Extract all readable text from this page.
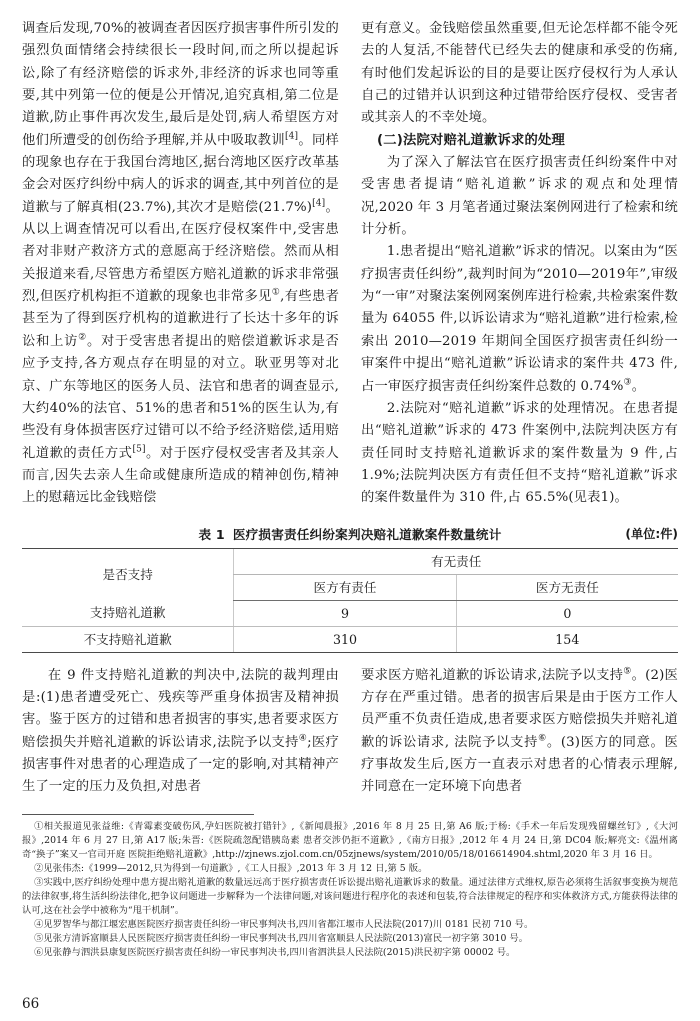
调查后发现,70%的被调查者因医疗损害事件所引发的强烈负面情绪会持续很长一段时间,而之所以提起诉讼,除了有经济赔偿的诉求外,非经济的诉求也同等重要,其中列第一位的便是公开情况,追究真相,第二位是道歉,防止事件再次发生,最后是处罚,病人希望医方对他们所遭受的创伤给予理解,并从中吸取教训[4]。同样的现象也存在于我国台湾地区,据台湾地区医疗改革基金会对医疗纠纷中病人的诉求的调查,其中列首位的是道歉与了解真相(23.7%),其次才是赔偿(21.7%)[4]。从以上调查情况可以看出,在医疗侵权案件中,受害患者对非财产救济方式的意愿高于经济赔偿。然而从相关报道来看,尽管患方希望医方赔礼道歉的诉求非常强烈,但医疗机构拒不道歉的现象也非常多见①,有些患者甚至为了得到医疗机构的道歉进行了长达十多年的诉讼和上访②。对于受害患者提出的赔偿道歉诉求是否应予支持,各方观点存在明显的对立。耿亚男等对北京、广东等地区的医务人员、法官和患者的调查显示,大约40%的法官、51%的患者和51%的医生认为,有些没有身体损害医疗过错可以不给予经济赔偿,适用赔礼道歉的责任方式[5]。对于医疗侵权受害者及其亲人而言,因失去亲人生命或健康所造成的精神创伤,精神上的慰藉远比金钱赔偿

更有意义。金钱赔偿虽然重要,但无论怎样都不能令死去的人复活,不能替代已经失去的健康和承受的伤痛,有时他们发起诉讼的目的是要让医疗侵权行为人承认自己的过错并认识到这种过错带给医疗侵权、受害者或其亲人的不幸处境。

(二)法院对赔礼道歉诉求的处理

为了深入了解法官在医疗损害责任纠纷案件中对受害患者提请“赔礼道歉”诉求的观点和处理情况,2020 年 3 月笔者通过聚法案例网进行了检索和统计分析。

1.患者提出“赔礼道歉”诉求的情况。以案由为“医疗损害责任纠纷”,裁判时间为“2010—2019年”,审级为“一审”对聚法案例网案例库进行检索,共检索案件数量为 64055 件,以诉讼请求为“赔礼道歉”进行检索,检索出 2010—2019 年期间全国医疗损害责任纠纷一审案件中提出“赔礼道歉”诉讼请求的案件共 473 件,占一审医疗损害责任纠纷案件总数的 0.74%③。

2.法院对“赔礼道歉”诉求的处理情况。在患者提出“赔礼道歉”诉求的 473 件案例中,法院判决医方有责任同时支持赔礼道歉诉求的案件数量为 9 件,占1.9%;法院判决医方有责任但不支持“赔礼道歉”诉求的案件数量件为 310 件,占 65.5%(见表1)。

表 1 医疗损害责任纠纷案判决赔礼道歉案件数量统计	(单位:件)
是否支持	有无责任	
	医方有责任	医方无责任
支持赔礼道歉	9	0
不支持赔礼道歉	310	154

在 9 件支持赔礼道歉的判决中,法院的裁判理由是:(1)患者遭受死亡、残疾等严重身体损害及精神损害。鉴于医方的过错和患者损害的事实,患者要求医方赔偿损失并赔礼道歉的诉讼请求,法院予以支持④;医疗损害事件对患者的心理造成了一定的影响,对其精神产生了一定的压力及负担,对患者

要求医方赔礼道歉的诉讼请求,法院予以支持⑤。(2)医方存在严重过错。患者的损害后果是由于医方工作人员严重不负责任造成,患者要求医方赔偿损失并赔礼道歉的诉讼请求, 法院予以支持⑥。(3)医方的同意。医疗事故发生后,医方一直表示对患者的心情表示理解,并同意在一定环境下向患者

①相关报道见张益维:《青霉素变破伤风,孕妇医院被打错针》,《新闻晨报》,2016 年 8 月 25 日,第 A6 版;于杨:《手术一年后发现残留螺丝钉》,《大河报》,2014 年 6 月 27 日,第 A17 版;朱晋:《医院疏忽配错胰岛素 患者交涉仍拒不道歉》,《南方日报》,2012 年 4 月 24 日,第 DC04 版;解亮文:《温州离奇“换子”案又一官司开庭 医院拒绝赔礼道歉》,http://zjnews.zjol.com.cn/05zjnews/system/2010/05/18/016614904.shtml,2020 年 3 月 16 日。

②见张伟杰:《1999—2012,只为得到一句道歉》,《工人日报》,2013 年 3 月 12 日,第 5 版。

③实践中,医疗纠纷处理中患方提出赔礼道歉的数量远远高于医疗损害责任诉讼提出赔礼道歉诉求的数量。通过法律方式维权,原告必须将生活叙事变换为规范的法律叙事,将生活纠纷法律化,把争议问题进一步解释为一个法律问题,对该问题进行程序化的表述和包装,符合法律规定的程序和实体救济方式,方能获得法律的认可,这在社会学中被称为“甩干机制”。

④见罗智华与都江堰宏惠医院医疗损害责任纠纷一审民事判决书,四川省都江堰市人民法院(2017)川 0181 民初 710 号。

⑤见张方清诉富顺县人民医院医疗损害责任纠纷一审民事判决书,四川省富顺县人民法院(2013)富民一初字第 3010 号。

⑥见张静与泗洪县康复医院医疗损害责任纠纷一审民事判决书,四川省泗洪县人民法院(2015)洪民初字第 00002 号。

66
